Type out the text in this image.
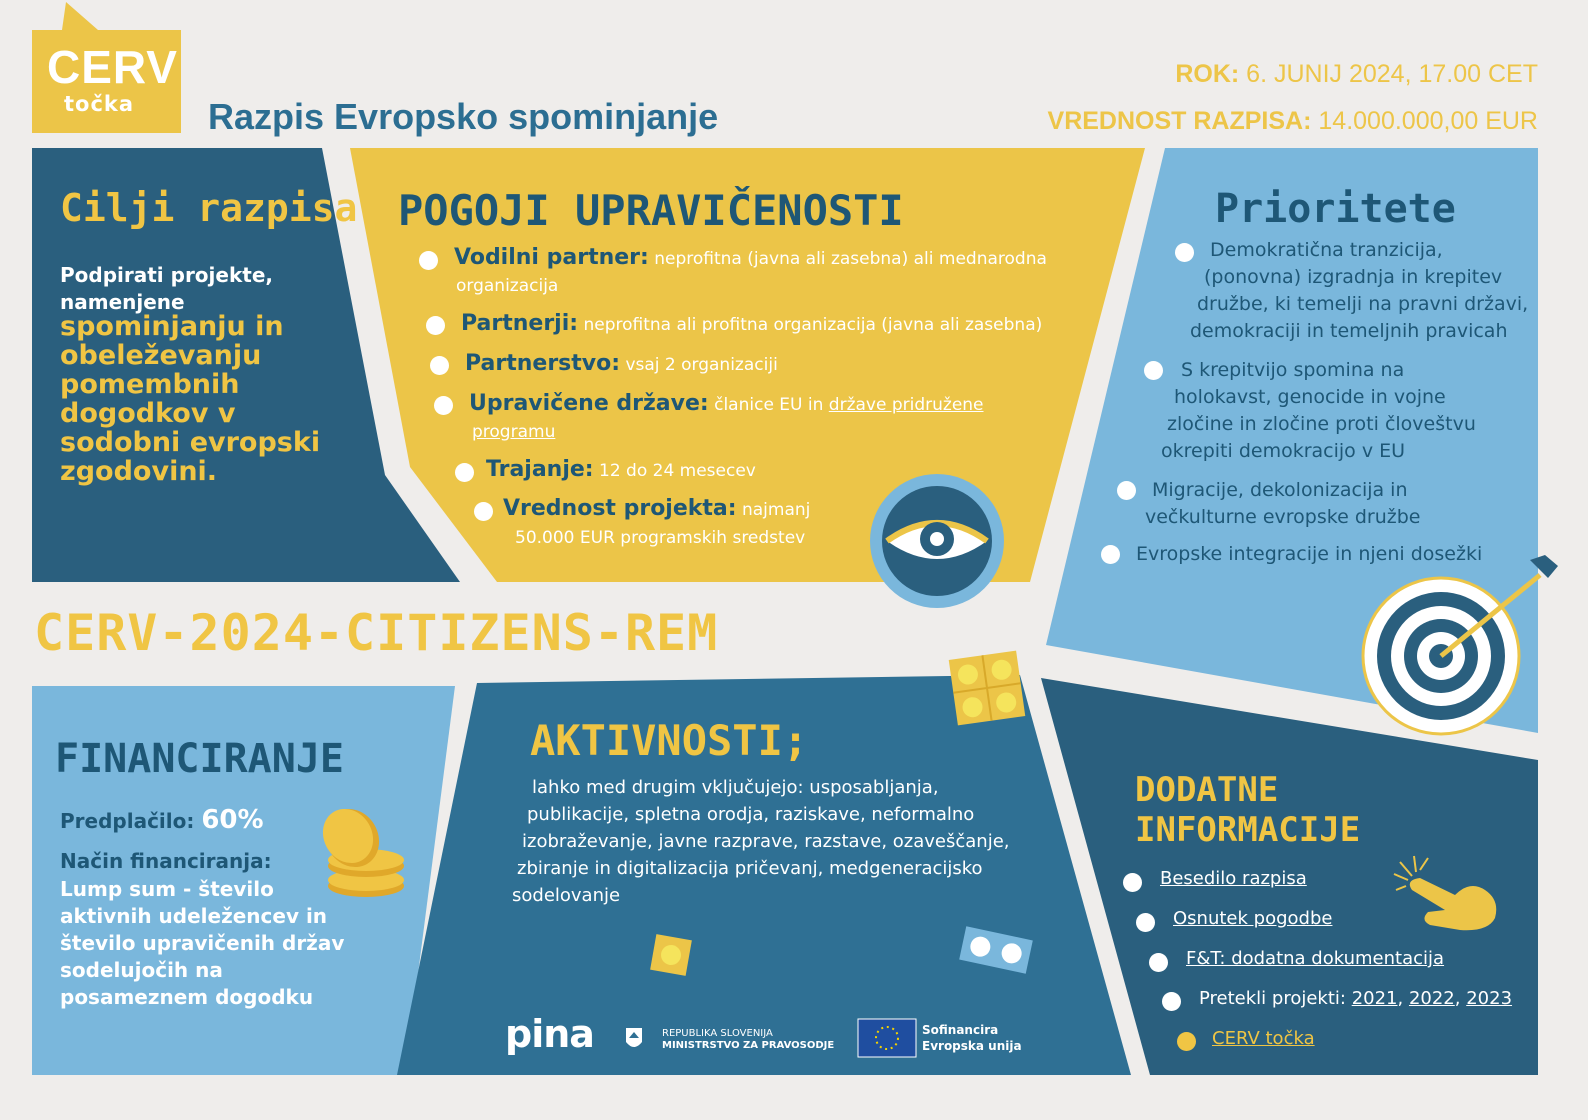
CERV
točka Razpis Evropsko spominjanje
ROK: 6. JUNIJ 2024, 17.00 CET
VREDNOST RAZPISA: 14.000.000,00 EUR
Cilji razpisa
Podpirati projekte, namenjene
spominjanju in obeleževanju pomembnih dogodkov v sodobni evropski zgodovini.
POGOJI UPRAVIČENOSTI
Vodilni partner: neprofitna (javna ali zasebna) ali mednarodna
organizacija
Partnerji: neprofitna ali profitna organizacija (javna ali zasebna)
Partnerstvo: vsaj 2 organizaciji
Upravičene države: članice EU in države pridružene
programu
Trajanje: 12 do 24 mesecev
Vrednost projekta: najmanj
50.000 EUR programskih sredstev
Prioritete
Demokratična tranzicija,
(ponovna) izgradnja in krepitev
družbe, ki temelji na pravni državi,
demokraciji in temeljnih pravicah
S krepitvijo spomina na
holokavst, genocide in vojne
zločine in zločine proti človeštvu
okrepiti demokracijo v EU
Migracije, dekolonizacija in
večkulturne evropske družbe
Evropske integracije in njeni dosežki
CERV-2024-CITIZENS-REM
FINANCIRANJE
Predplačilo: 60%
Način financiranja:
Lump sum - število aktivnih udeležencev in število upravičenih držav sodelujočih na posameznem dogodku
AKTIVNOSTI;
lahko med drugim vključujejo: usposabljanja,
publikacije, spletna orodja, raziskave, neformalno
izobraževanje, javne razprave, razstave, ozaveščanje,
zbiranje in digitalizacija pričevanj, medgeneracijsko
sodelovanje
pina	REPUBLIKA SLOVENIJA
MINISTRSTVO ZA PRAVOSODJE
Sofinancira
Evropska unija
DODATNE
INFORMACIJE
Besedilo razpisa
Osnutek pogodbe
F&T: dodatna dokumentacija
Pretekli projekti: 2021, 2022, 2023
CERV točka
